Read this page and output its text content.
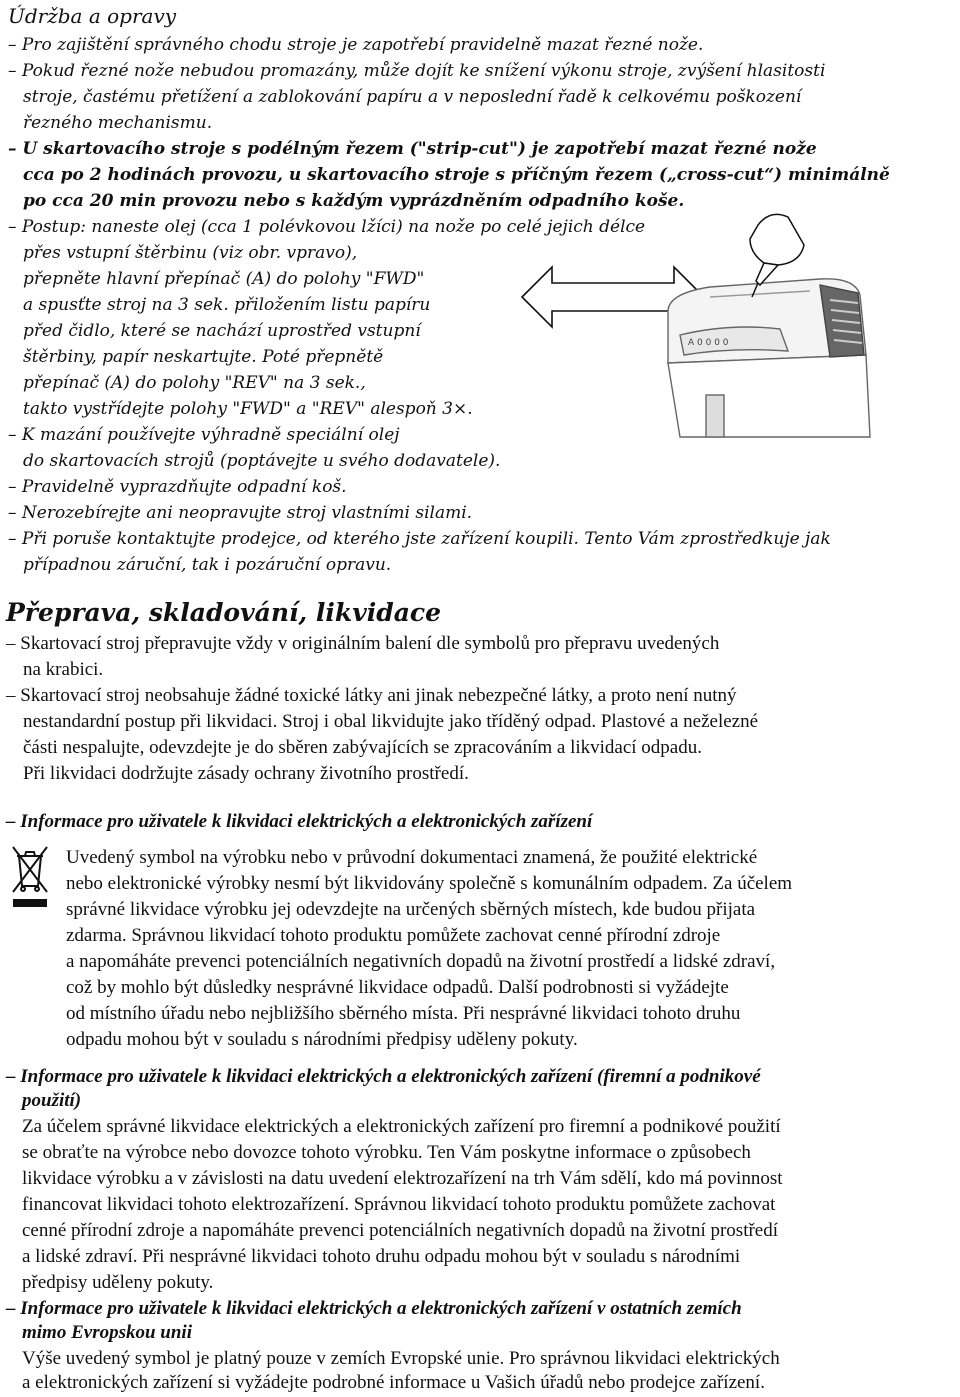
Údržba a opravy
– Pro zajištění správného chodu stroje je zapotřebí pravidelně mazat řezné nože.
– Pokud řezné nože nebudou promazány, může dojít ke snížení výkonu stroje, zvýšení hlasitosti
stroje, častému přetížení a zablokování papíru a v neposlední řadě k celkovému poškození
řezného mechanismu.
– U skartovacího stroje s podélným řezem ("strip-cut") je zapotřebí mazat řezné nože
cca po 2 hodinách provozu, u skartovacího stroje s příčným řezem („cross-cut“) minimálně
po cca 20 min provozu nebo s každým vyprázdněním odpadního koše.
– Postup: naneste olej (cca 1 polévkovou lžíci) na nože po celé jejich délce
přes vstupní štěrbinu (viz obr. vpravo),
přepněte hlavní přepínač (A) do polohy "FWD"
a spusťte stroj na 3 sek. přiložením listu papíru
před čidlo, které se nachází uprostřed vstupní
štěrbiny, papír neskartujte. Poté přepnětě
přepínač (A) do polohy "REV" na 3 sek.,
takto vystřídejte polohy "FWD" a "REV" alespoň 3×.
– K mazání používejte výhradně speciální olej
do skartovacích strojů (poptávejte u svého dodavatele).
– Pravidelně vyprazdňujte odpadní koš.
– Nerozebírejte ani neopravujte stroj vlastními silami.
– Při poruše kontaktujte prodejce, od kterého jste zařízení koupili. Tento Vám zprostředkuje jak
případnou záruční, tak i pozáruční opravu.
A 0 0 0 0
Přeprava, skladování, likvidace
– Skartovací stroj přepravujte vždy v originálním balení dle symbolů pro přepravu uvedených
na krabici.
– Skartovací stroj neobsahuje žádné toxické látky ani jinak nebezpečné látky, a proto není nutný
nestandardní postup při likvidaci. Stroj i obal likvidujte jako tříděný odpad. Plastové a neželezné
části nespalujte, odevzdejte je do sběren zabývajících se zpracováním a likvidací odpadu.
Při likvidaci dodržujte zásady ochrany životního prostředí.
– Informace pro uživatele k likvidaci elektrických a elektronických zařízení
Uvedený symbol na výrobku nebo v průvodní dokumentaci znamená, že použité elektrické
nebo elektronické výrobky nesmí být likvidovány společně s komunálním odpadem. Za účelem
správné likvidace výrobku jej odevzdejte na určených sběrných místech, kde budou přijata
zdarma. Správnou likvidací tohoto produktu pomůžete zachovat cenné přírodní zdroje
a napomáháte prevenci potenciálních negativních dopadů na životní prostředí a lidské zdraví,
což by mohlo být důsledky nesprávné likvidace odpadů. Další podrobnosti si vyžádejte
od místního úřadu nebo nejbližšího sběrného místa. Při nesprávné likvidaci tohoto druhu
odpadu mohou být v souladu s národními předpisy uděleny pokuty.
– Informace pro uživatele k likvidaci elektrických a elektronických zařízení (firemní a podnikové
použití)
Za účelem správné likvidace elektrických a elektronických zařízení pro firemní a podnikové použití
se obraťte na výrobce nebo dovozce tohoto výrobku. Ten Vám poskytne informace o způsobech
likvidace výrobku a v závislosti na datu uvedení elektrozařízení na trh Vám sdělí, kdo má povinnost
financovat likvidaci tohoto elektrozařízení. Správnou likvidací tohoto produktu pomůžete zachovat
cenné přírodní zdroje a napomáháte prevenci potenciálních negativních dopadů na životní prostředí
a lidské zdraví. Při nesprávné likvidaci tohoto druhu odpadu mohou být v souladu s národními
předpisy uděleny pokuty.
– Informace pro uživatele k likvidaci elektrických a elektronických zařízení v ostatních zemích
mimo Evropskou unii
Výše uvedený symbol je platný pouze v zemích Evropské unie. Pro správnou likvidaci elektrických
a elektronických zařízení si vyžádejte podrobné informace u Vašich úřadů nebo prodejce zařízení.
